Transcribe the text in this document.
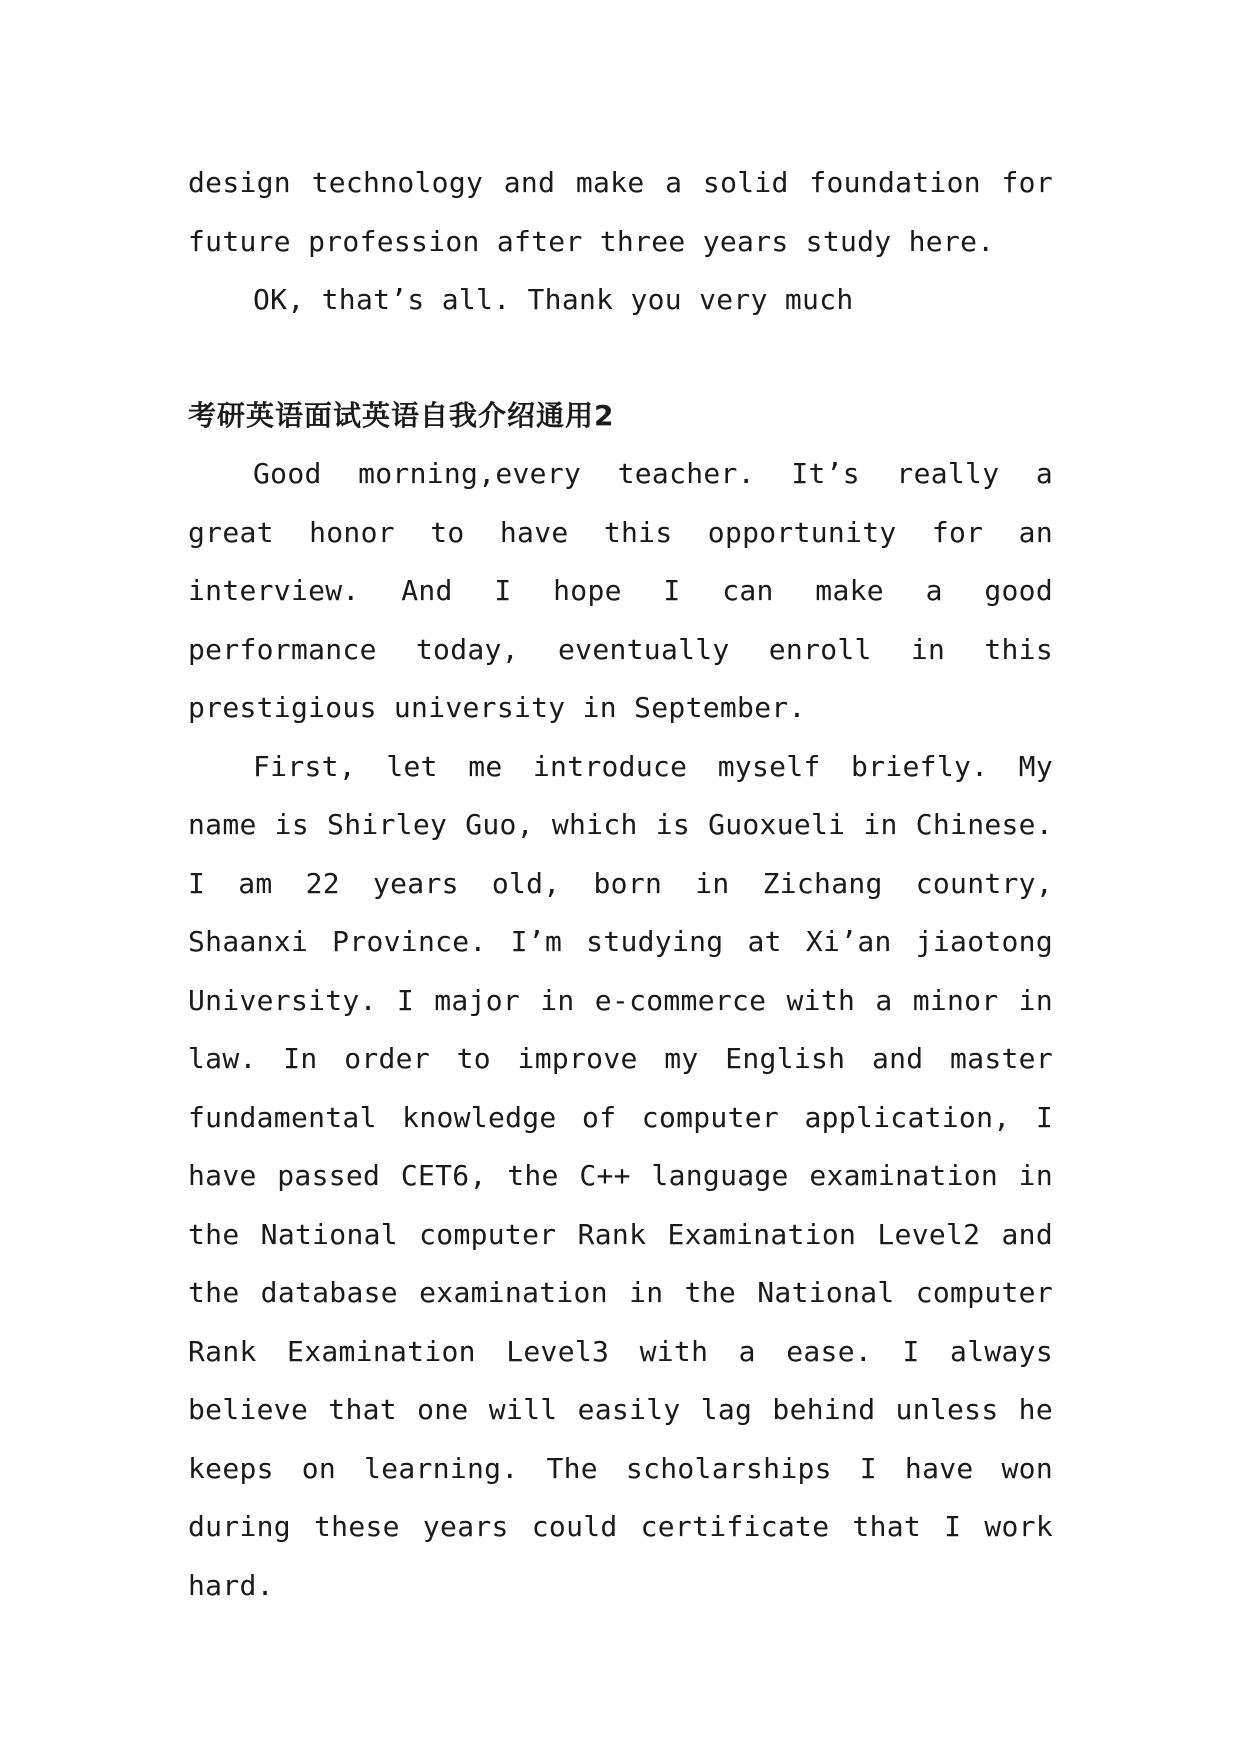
design technology and make a solid foundation for future profession after three years study here.

OK, that’s all. Thank you very much

考研英语面试英语自我介绍通用2

Good morning,every teacher. It’s really a great honor to have this opportunity for an interview. And I hope I can make a good performance today, eventually enroll in this prestigious university in September.

First, let me introduce myself briefly. My name is Shirley Guo, which is Guoxueli in Chinese. I am 22 years old, born in Zichang country, Shaanxi Province. I’m studying at Xi’an jiaotong University. I major in e-commerce with a minor in law. In order to improve my English and master fundamental knowledge of computer application, I have passed CET6, the C++ language examination in the National computer Rank Examination Level2 and the database examination in the National computer Rank Examination Level3 with a ease. I always believe that one will easily lag behind unless he keeps on learning. The scholarships I have won during these years could certificate that I work hard.
